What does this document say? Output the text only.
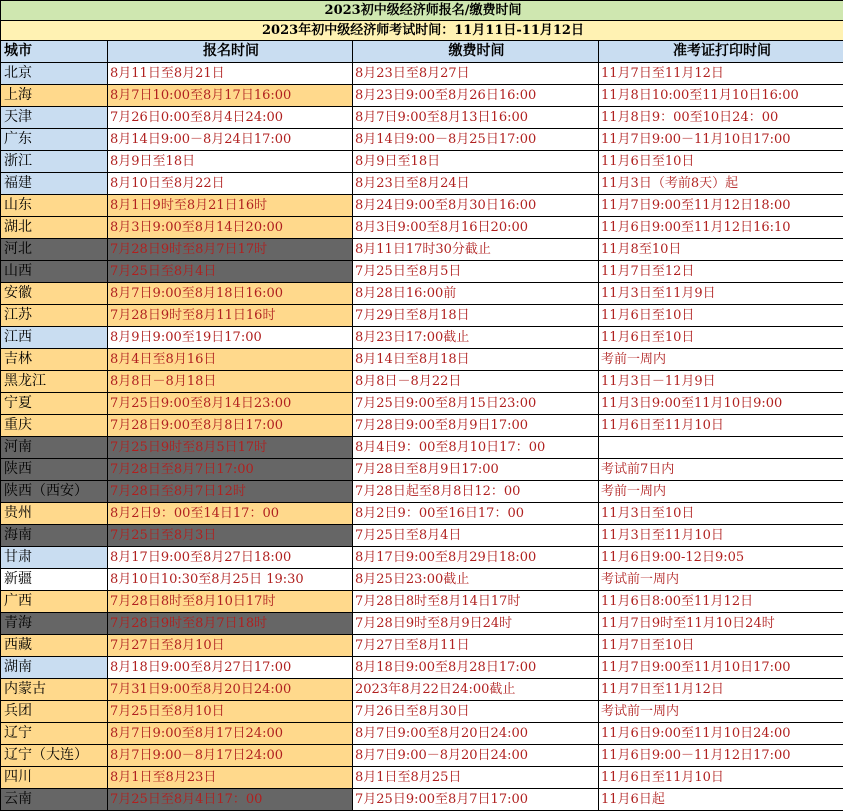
2023初中级经济师报名/缴费时间			
2023年初中级经济师考试时间：11月11日-11月12日			
城市	报名时间	缴费时间	准考证打印时间
北京	8月11日至8月21日	8月23日至8月27日	11月7日至11月12日
上海	8月7日10:00至8月17日16:00	8月23日9:00至8月26日16:00	11月8日10:00至11月10日16:00
天津	7月26日0:00至8月4日24:00	8月7日9:00至8月13日16:00	11月8日9：00至10日24：00
广东	8月14日9:00－8月24日17:00	8月14日9:00－8月25日17:00	11月7日9:00－11月10日17:00
浙江	8月9日至18日	8月9日至18日	11月6日至10日
福建	8月10日至8月22日	8月23日至8月24日	11月3日（考前8天）起
山东	8月1日9时至8月21日16时	8月24日9:00至8月30日16:00	11月7日9:00至11月12日18:00
湖北	8月3日9:00至8月14日20:00	8月3日9:00至8月16日20:00	11月6日9:00至11月12日16:10
河北	7月28日9时至8月7日17时	8月11日17时30分截止	11月8至10日
山西	7月25日至8月4日	7月25日至8月5日	11月7日至12日
安徽	8月7日9:00至8月18日16:00	8月28日16:00前	11月3日至11月9日
江苏	7月28日9时至8月11日16时	7月29日至8月18日	11月6日至10日
江西	8月9日9:00至19日17:00	8月23日17:00截止	11月6日至10日
吉林	8月4日至8月16日	8月14日至8月18日	考前一周内
黑龙江	8月8日－8月18日	8月8日－8月22日	11月3日－11月9日
宁夏	7月25日9:00至8月14日23:00	7月25日9:00至8月15日23:00	11月3日9:00至11月10日9:00
重庆	7月28日9:00至8月8日17:00	7月28日9:00至8月9日17:00	11月6日至11月10日
河南	7月25日9时至8月5日17时	8月4日9：00至8月10日17：00	
陕西	7月28日至8月7日17:00	7月28日至8月9日17:00	考试前7日内
陕西（西安）	7月28日至8月7日12时	7月28日起至8月8日12：00	考前一周内
贵州	8月2日9：00至14日17：00	8月2日9：00至16日17：00	11月3日至10日
海南	7月25日至8月3日	7月25日至8月4日	11月3日至11月10日
甘肃	8月17日9:00至8月27日18:00	8月17日9:00至8月29日18:00	11月6日9:00-12日9:05
新疆	8月10日10:30至8月25日 19:30	8月25日23:00截止	考试前一周内
广西	7月28日8时至8月10日17时	7月28日8时至8月14日17时	11月6日8:00至11月12日
青海	7月28日9时至8月7日18时	7月28日9时至8月9日24时	11月7日9时至11月10日24时
西藏	7月27日至8月10日	7月27日至8月11日	11月7日至10日
湖南	8月18日9:00至8月27日17:00	8月18日9:00至8月28日17:00	11月7日9:00至11月10日17:00
内蒙古	7月31日9:00至8月20日24:00	2023年8月22日24:00截止	11月7日至11月12日
兵团	7月25日至8月10日	7月26日至8月30日	考试前一周内
辽宁	8月7日9:00至8月17日24:00	8月7日9:00至8月20日24:00	11月6日9:00至11月10日24:00
辽宁（大连）	8月7日9:00－8月17日24:00	8月7日9:00－8月20日24:00	11月6日9:00－11月12日17:00
四川	8月1日至8月23日	8月1日至8月25日	11月6日至11月10日
云南	7月25日至8月4日17：00	7月25日9:00至8月7日17:00	11月6日起
